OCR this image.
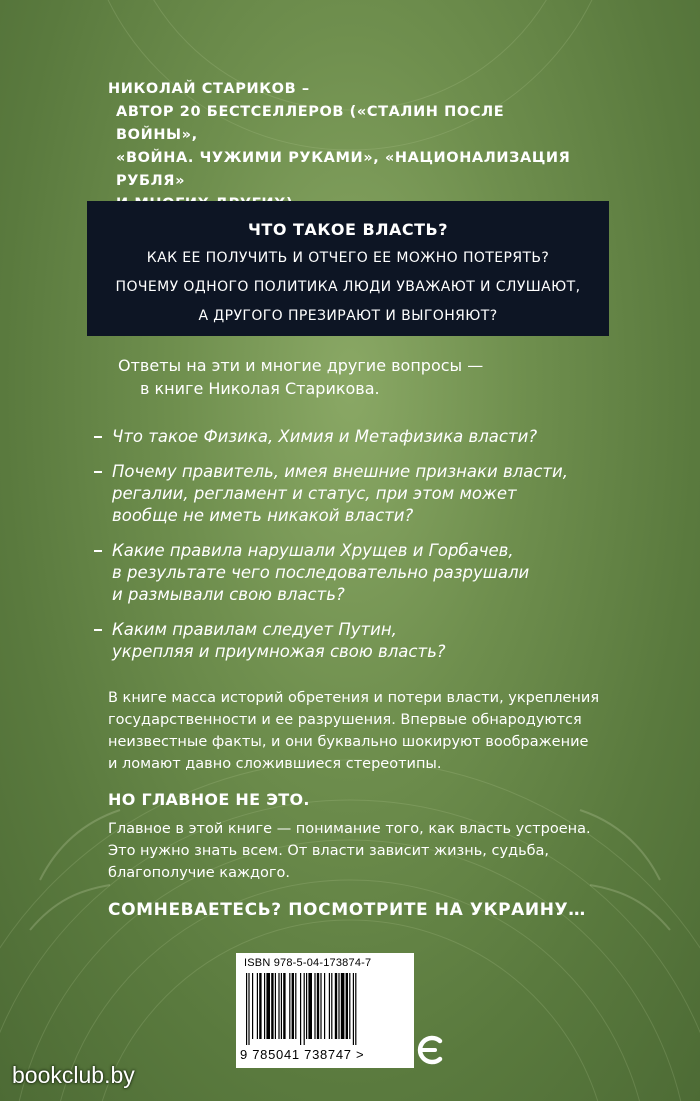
НИКОЛАЙ СТАРИКОВ –
АВТОР 20 БЕСТСЕЛЛЕРОВ («СТАЛИН ПОСЛЕ ВОЙНЫ»,
«ВОЙНА. ЧУЖИМИ РУКАМИ», «НАЦИОНАЛИЗАЦИЯ РУБЛЯ»
ЧТО ТАКОЕ ВЛАСТЬ?
КАК ЕЕ ПОЛУЧИТЬ И ОТЧЕГО ЕЕ МОЖНО ПОТЕРЯТЬ?
ПОЧЕМУ ОДНОГО ПОЛИТИКА ЛЮДИ УВАЖАЮТ И СЛУШАЮТ,
А ДРУГОГО ПРЕЗИРАЮТ И ВЫГОНЯЮТ?
Ответы на эти и многие другие вопросы —
в книге Николая Старикова.
Что такое Физика, Химия и Метафизика власти?
Почему правитель, имея внешние признаки власти,
регалии, регламент и статус, при этом может
вообще не иметь никакой власти?
Какие правила нарушали Хрущев и Горбачев,
в результате чего последовательно разрушали
и размывали свою власть?
Каким правилам следует Путин,
укрепляя и приумножая свою власть?
В книге масса историй обретения и потери власти, укрепления
государственности и ее разрушения. Впервые обнародуются
неизвестные факты, и они буквально шокируют воображение
и ломают давно сложившиеся стереотипы.
НО ГЛАВНОЕ НЕ ЭТО.
Главное в этой книге — понимание того, как власть устроена.
Это нужно знать всем. От власти зависит жизнь, судьба,
благополучие каждого.
СОМНЕВАЕТЕСЬ? ПОСМОТРИТЕ НА УКРАИНУ…
ISBN 978-5-04-173874-7
9 785041 738747 >
bookclub.by
